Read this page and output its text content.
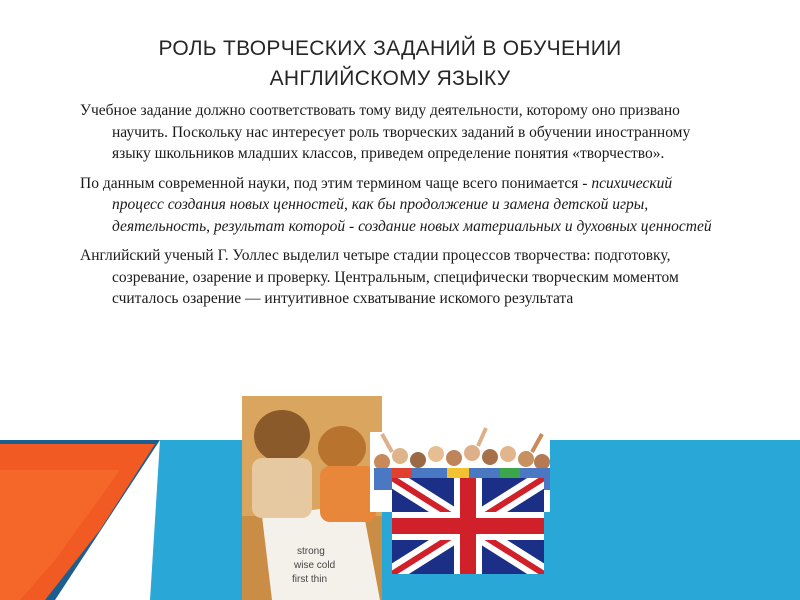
РОЛЬ ТВОРЧЕСКИХ ЗАДАНИЙ В ОБУЧЕНИИ
АНГЛИЙСКОМУ ЯЗЫКУ

Учебное задание должно соответствовать тому виду деятельности, которому оно призвано научить. Поскольку нас интересует роль творческих заданий в обучении иностранному языку школьников младших классов, приведем определение понятия «творчество».

По данным современной науки, под этим термином чаще всего понимается - психический процесс создания новых ценностей, как бы продолжение и замена детской игры, деятельность, результат которой - создание новых материальных и духовных ценностей

Английский ученый Г. Уоллес выделил четыре стадии процессов творчества: подготовку, созревание, озарение и проверку. Центральным, специфически творческим моментом считалось озарение — интуитивное схватывание искомого результата

strong
wise cold
first thin
